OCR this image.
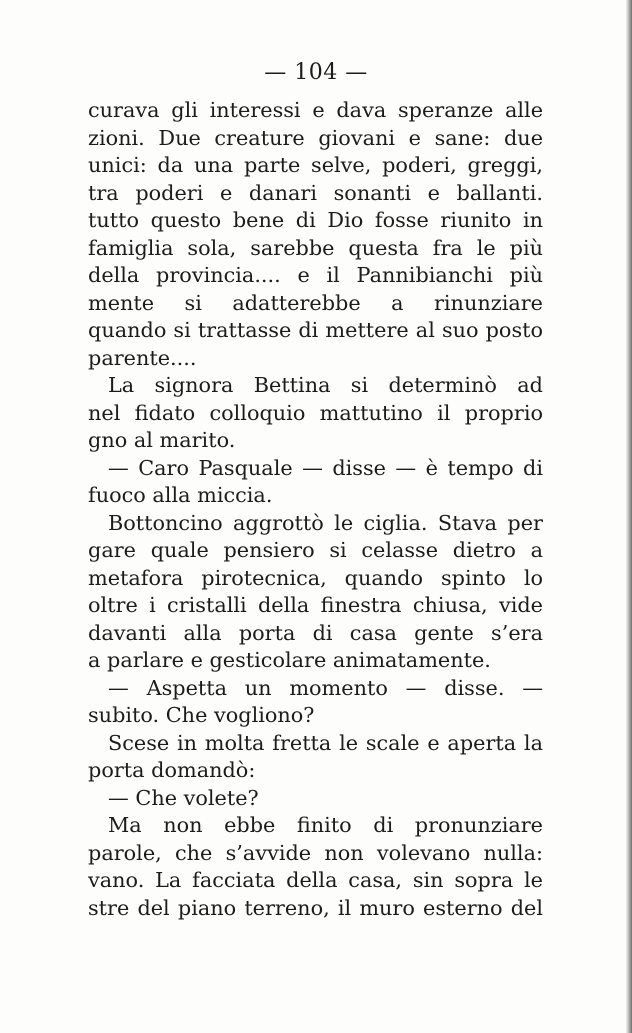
— 104 —
curava gli interessi e dava speranze alle
zioni. Due creature giovani e sane: due
unici: da una parte selve, poderi, greggi,
tra poderi e danari sonanti e ballanti.
tutto questo bene di Dio fosse riunito in
famiglia sola, sarebbe questa fra le più
della provincia.... e il Pannibianchi più
mente si adatterebbe a rinunziare
quando si trattasse di mettere al suo posto
parente....
La signora Bettina si determinò ad
nel fidato colloquio mattutino il proprio
gno al marito.
— Caro Pasquale — disse — è tempo di
fuoco alla miccia.
Bottoncino aggrottò le ciglia. Stava per
gare quale pensiero si celasse dietro a
metafora pirotecnica, quando spinto lo
oltre i cristalli della finestra chiusa, vide
davanti alla porta di casa gente s’era
a parlare e gesticolare animatamente.
— Aspetta un momento — disse. —
subito. Che vogliono?
Scese in molta fretta le scale e aperta la
porta domandò:
— Che volete?
Ma non ebbe finito di pronunziare
parole, che s’avvide non volevano nulla:
vano. La facciata della casa, sin sopra le
stre del piano terreno, il muro esterno del
